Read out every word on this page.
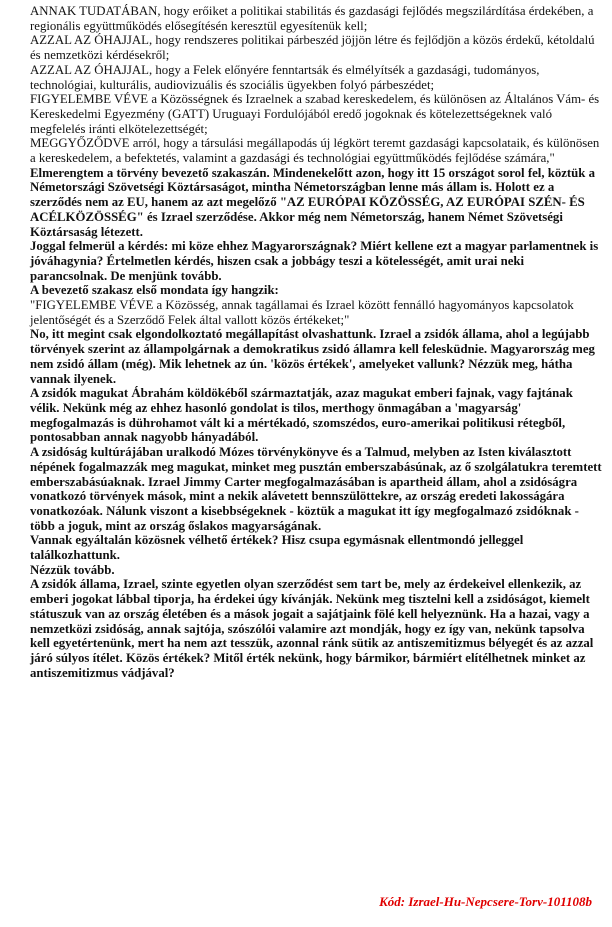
ANNAK TUDATÁBAN, hogy erőiket a politikai stabilitás és gazdasági fejlődés megszilárdítása érdekében, a regionális együttműködés elősegítésén keresztül egyesítenük kell;

AZZAL AZ ÓHAJJAL, hogy rendszeres politikai párbeszéd jöjjön létre és fejlődjön a közös érdekű, kétoldalú és nemzetközi kérdésekről;

AZZAL AZ ÓHAJJAL, hogy a Felek előnyére fenntartsák és elmélyítsék a gazdasági, tudományos, technológiai, kulturális, audiovizuális és szociális ügyekben folyó párbeszédet;

FIGYELEMBE VÉVE a Közösségnek és Izraelnek a szabad kereskedelem, és különösen az Általános Vám- és Kereskedelmi Egyezmény (GATT) Uruguayi Fordulójából eredő jogoknak és kötelezettségeknek való megfelelés iránti elkötelezettségét;

MEGGYŐZŐDVE arról, hogy a társulási megállapodás új légkört teremt gazdasági kapcsolataik, és különösen a kereskedelem, a befektetés, valamint a gazdasági és technológiai együttműködés fejlődése számára,"

Elmerengtem a törvény bevezető szakaszán. Mindenekelőtt azon, hogy itt 15 országot sorol fel, köztük a Németországi Szövetségi Köztársaságot, mintha Németországban lenne más állam is. Holott ez a szerződés nem az EU, hanem az azt megelőző "AZ EURÓPAI KÖZÖSSÉG, AZ EURÓPAI SZÉN- ÉS ACÉLKÖZÖSSÉG" és Izrael szerződése. Akkor még nem Németország, hanem Német Szövetségi Köztársaság létezett.

Joggal felmerül a kérdés: mi köze ehhez Magyarországnak? Miért kellene ezt a magyar parlamentnek is jóváhagynia? Értelmetlen kérdés, hiszen csak a jobbágy teszi a kötelességét, amit urai neki parancsolnak. De menjünk tovább.

A bevezető szakasz első mondata így hangzik:

"FIGYELEMBE VÉVE a Közösség, annak tagállamai és Izrael között fennálló hagyományos kapcsolatok jelentőségét és a Szerződő Felek által vallott közös értékeket;"

No, itt megint csak elgondolkoztató megállapítást olvashattunk. Izrael a zsidók állama, ahol a legújabb törvények szerint az állampolgárnak a demokratikus zsidó államra kell felesküdnie. Magyarország meg nem zsidó állam (még). Mik lehetnek az ún. 'közös értékek', amelyeket vallunk? Nézzük meg, hátha vannak ilyenek.

A zsidók magukat Ábrahám köldökéből származtatják, azaz magukat emberi fajnak, vagy fajtának vélik. Nekünk még az ehhez hasonló gondolat is tilos, merthogy önmagában a 'magyarság' megfogalmazás is dührohamot vált ki a mértékadó, szomszédos, euro-amerikai politikusi rétegből, pontosabban annak nagyobb hányadából.

A zsidóság kultúrájában uralkodó Mózes törvénykönyve és a Talmud, melyben az Isten kiválasztott népének fogalmazzák meg magukat, minket meg pusztán emberszabásúnak, az ő szolgálatukra teremtett emberszabásúaknak. Izrael Jimmy Carter megfogalmazásában is apartheid állam, ahol a zsidóságra vonatkozó törvények mások, mint a nekik alávetett bennszülöttekre, az ország eredeti lakosságára vonatkozóak. Nálunk viszont a kisebbségeknek - köztük a magukat itt így megfogalmazó zsidóknak - több a joguk, mint az ország őslakos magyarságának.

Vannak egyáltalán közösnek vélhető értékek? Hisz csupa egymásnak ellentmondó jelleggel találkozhattunk.

Nézzük tovább.

A zsidók állama, Izrael, szinte egyetlen olyan szerződést sem tart be, mely az érdekeivel ellenkezik, az emberi jogokat lábbal tiporja, ha érdekei úgy kívánják. Nekünk meg tisztelni kell a zsidóságot, kiemelt státuszuk van az ország életében és a mások jogait a sajátjaink fölé kell helyeznünk. Ha a hazai, vagy a nemzetközi zsidóság, annak sajtója, szószólói valamire azt mondják, hogy ez így van, nekünk tapsolva kell egyetértenünk, mert ha nem azt tesszük, azonnal ránk sütik az antiszemitizmus bélyegét és az azzal járó súlyos ítélet. Közös értékek? Mitől érték nekünk, hogy bármikor, bármiért elítélhetnek minket az antiszemitizmus vádjával?

Kód: Izrael-Hu-Nepcsere-Torv-101108b
